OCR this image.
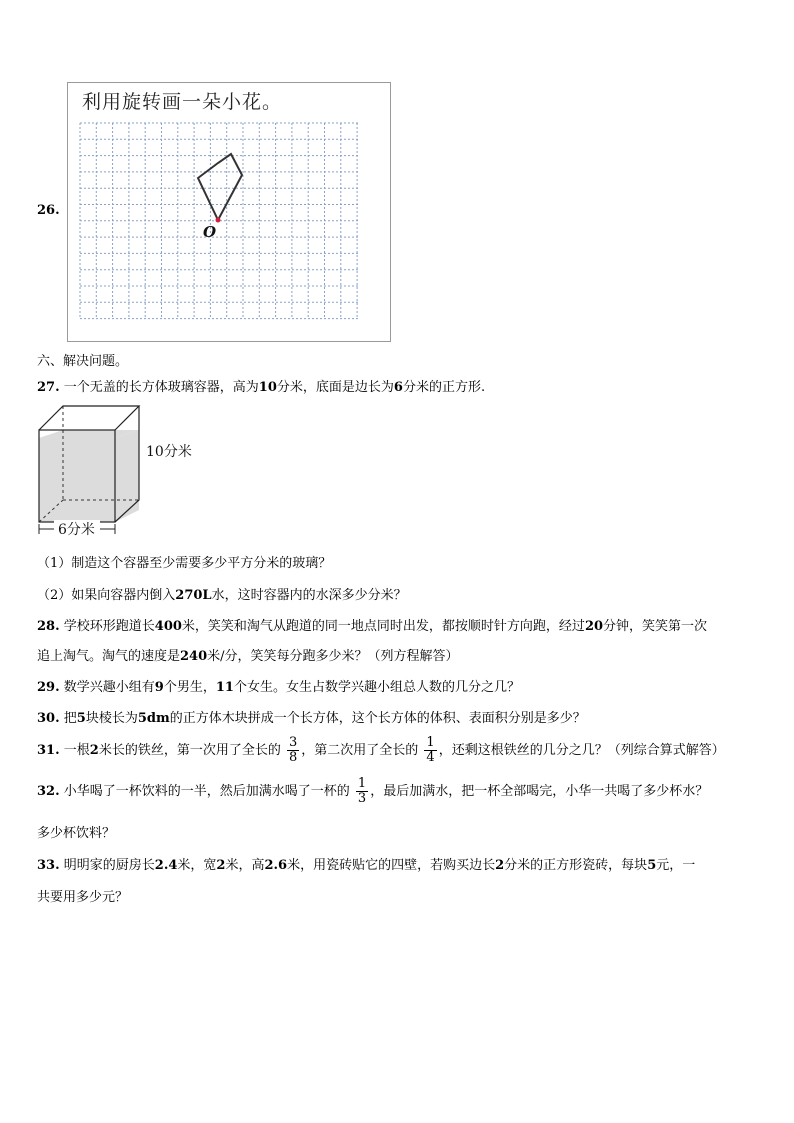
26.
利用旋转画一朵小花。
O
六、解决问题。
27. 一个无盖的长方体玻璃容器，高为10分米，底面是边长为6分米的正方形.
6分米
10分米
（1）制造这个容器至少需要多少平方分米的玻璃？
（2）如果向容器内倒入270L水，这时容器内的水深多少分米？
28. 学校环形跑道长400米，笑笑和淘气从跑道的同一地点同时出发，都按顺时针方向跑，经过20分钟，笑笑第一次
追上淘气。淘气的速度是240米/分，笑笑每分跑多少米？（列方程解答）
29. 数学兴趣小组有9个男生，11个女生。女生占数学兴趣小组总人数的几分之几？
30. 把5块棱长为5dm的正方体木块拼成一个长方体，这个长方体的体积、表面积分别是多少？
31. 一根2米长的铁丝，第一次用了全长的 $\frac{3}{8}$ ，第二次用了全长的 $\frac{1}{4}$ ，还剩这根铁丝的几分之几？（列综合算式解答）
32. 小华喝了一杯饮料的一半，然后加满水喝了一杯的 $\frac{1}{3}$ ，最后加满水，把一杯全部喝完，小华一共喝了多少杯水？
多少杯饮料？
33. 明明家的厨房长2.4米，宽2米，高2.6米，用瓷砖贴它的四壁，若购买边长2分米的正方形瓷砖，每块5元，一
共要用多少元？
